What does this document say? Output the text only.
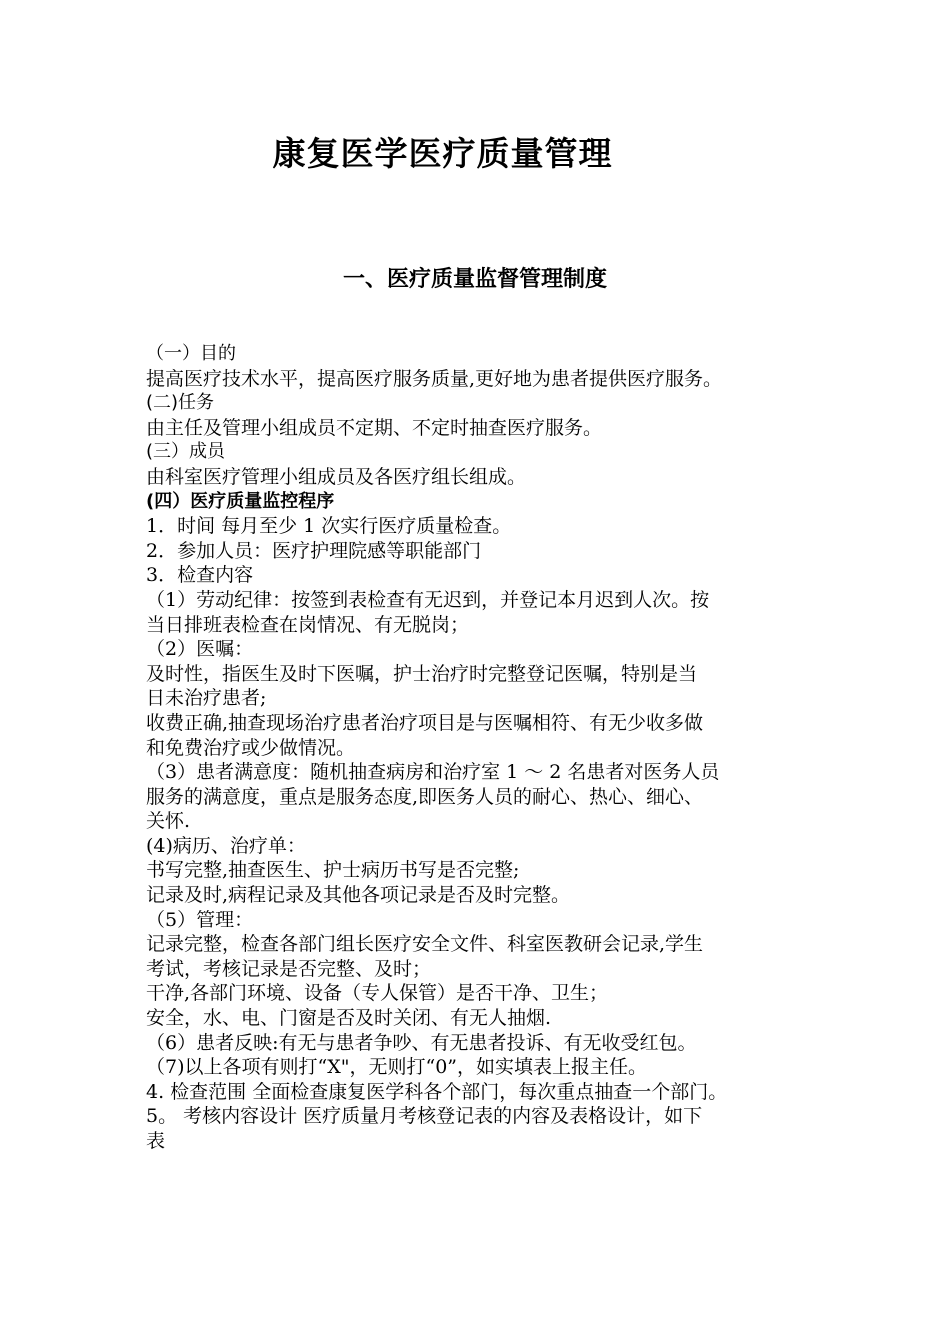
康复医学医疗质量管理
一、医疗质量监督管理制度
（一）目的
提高医疗技术水平，提高医疗服务质量,更好地为患者提供医疗服务。
(二)任务
由主任及管理小组成员不定期、不定时抽查医疗服务。
(三）成员
由科室医疗管理小组成员及各医疗组长组成。
(四）医疗质量监控程序
1．时间 每月至少 1 次实行医疗质量检查。
2．参加人员：医疗护理院感等职能部门
3．检查内容
（1）劳动纪律：按签到表检查有无迟到，并登记本月迟到人次。按
当日排班表检查在岗情况、有无脱岗；
（2）医嘱：
及时性，指医生及时下医嘱，护士治疗时完整登记医嘱，特别是当
日未治疗患者;
收费正确,抽查现场治疗患者治疗项目是与医嘱相符、有无少收多做
和免费治疗或少做情况。
（3）患者满意度：随机抽查病房和治疗室 1 ～ 2 名患者对医务人员
服务的满意度，重点是服务态度,即医务人员的耐心、热心、细心、
关怀.
(4)病历、治疗单：
书写完整,抽查医生、护士病历书写是否完整;
记录及时,病程记录及其他各项记录是否及时完整。
（5）管理：
记录完整，检查各部门组长医疗安全文件、科室医教研会记录,学生
考试，考核记录是否完整、及时；
干净,各部门环境、设备（专人保管）是否干净、卫生；
安全，水、电、门窗是否及时关闭、有无人抽烟.
（6）患者反映:有无与患者争吵、有无患者投诉、有无收受红包。
（7)以上各项有则打“X"，无则打“0”，如实填表上报主任。
4. 检查范围 全面检查康复医学科各个部门，每次重点抽查一个部门。
5。 考核内容设计 医疗质量月考核登记表的内容及表格设计，如下
表
